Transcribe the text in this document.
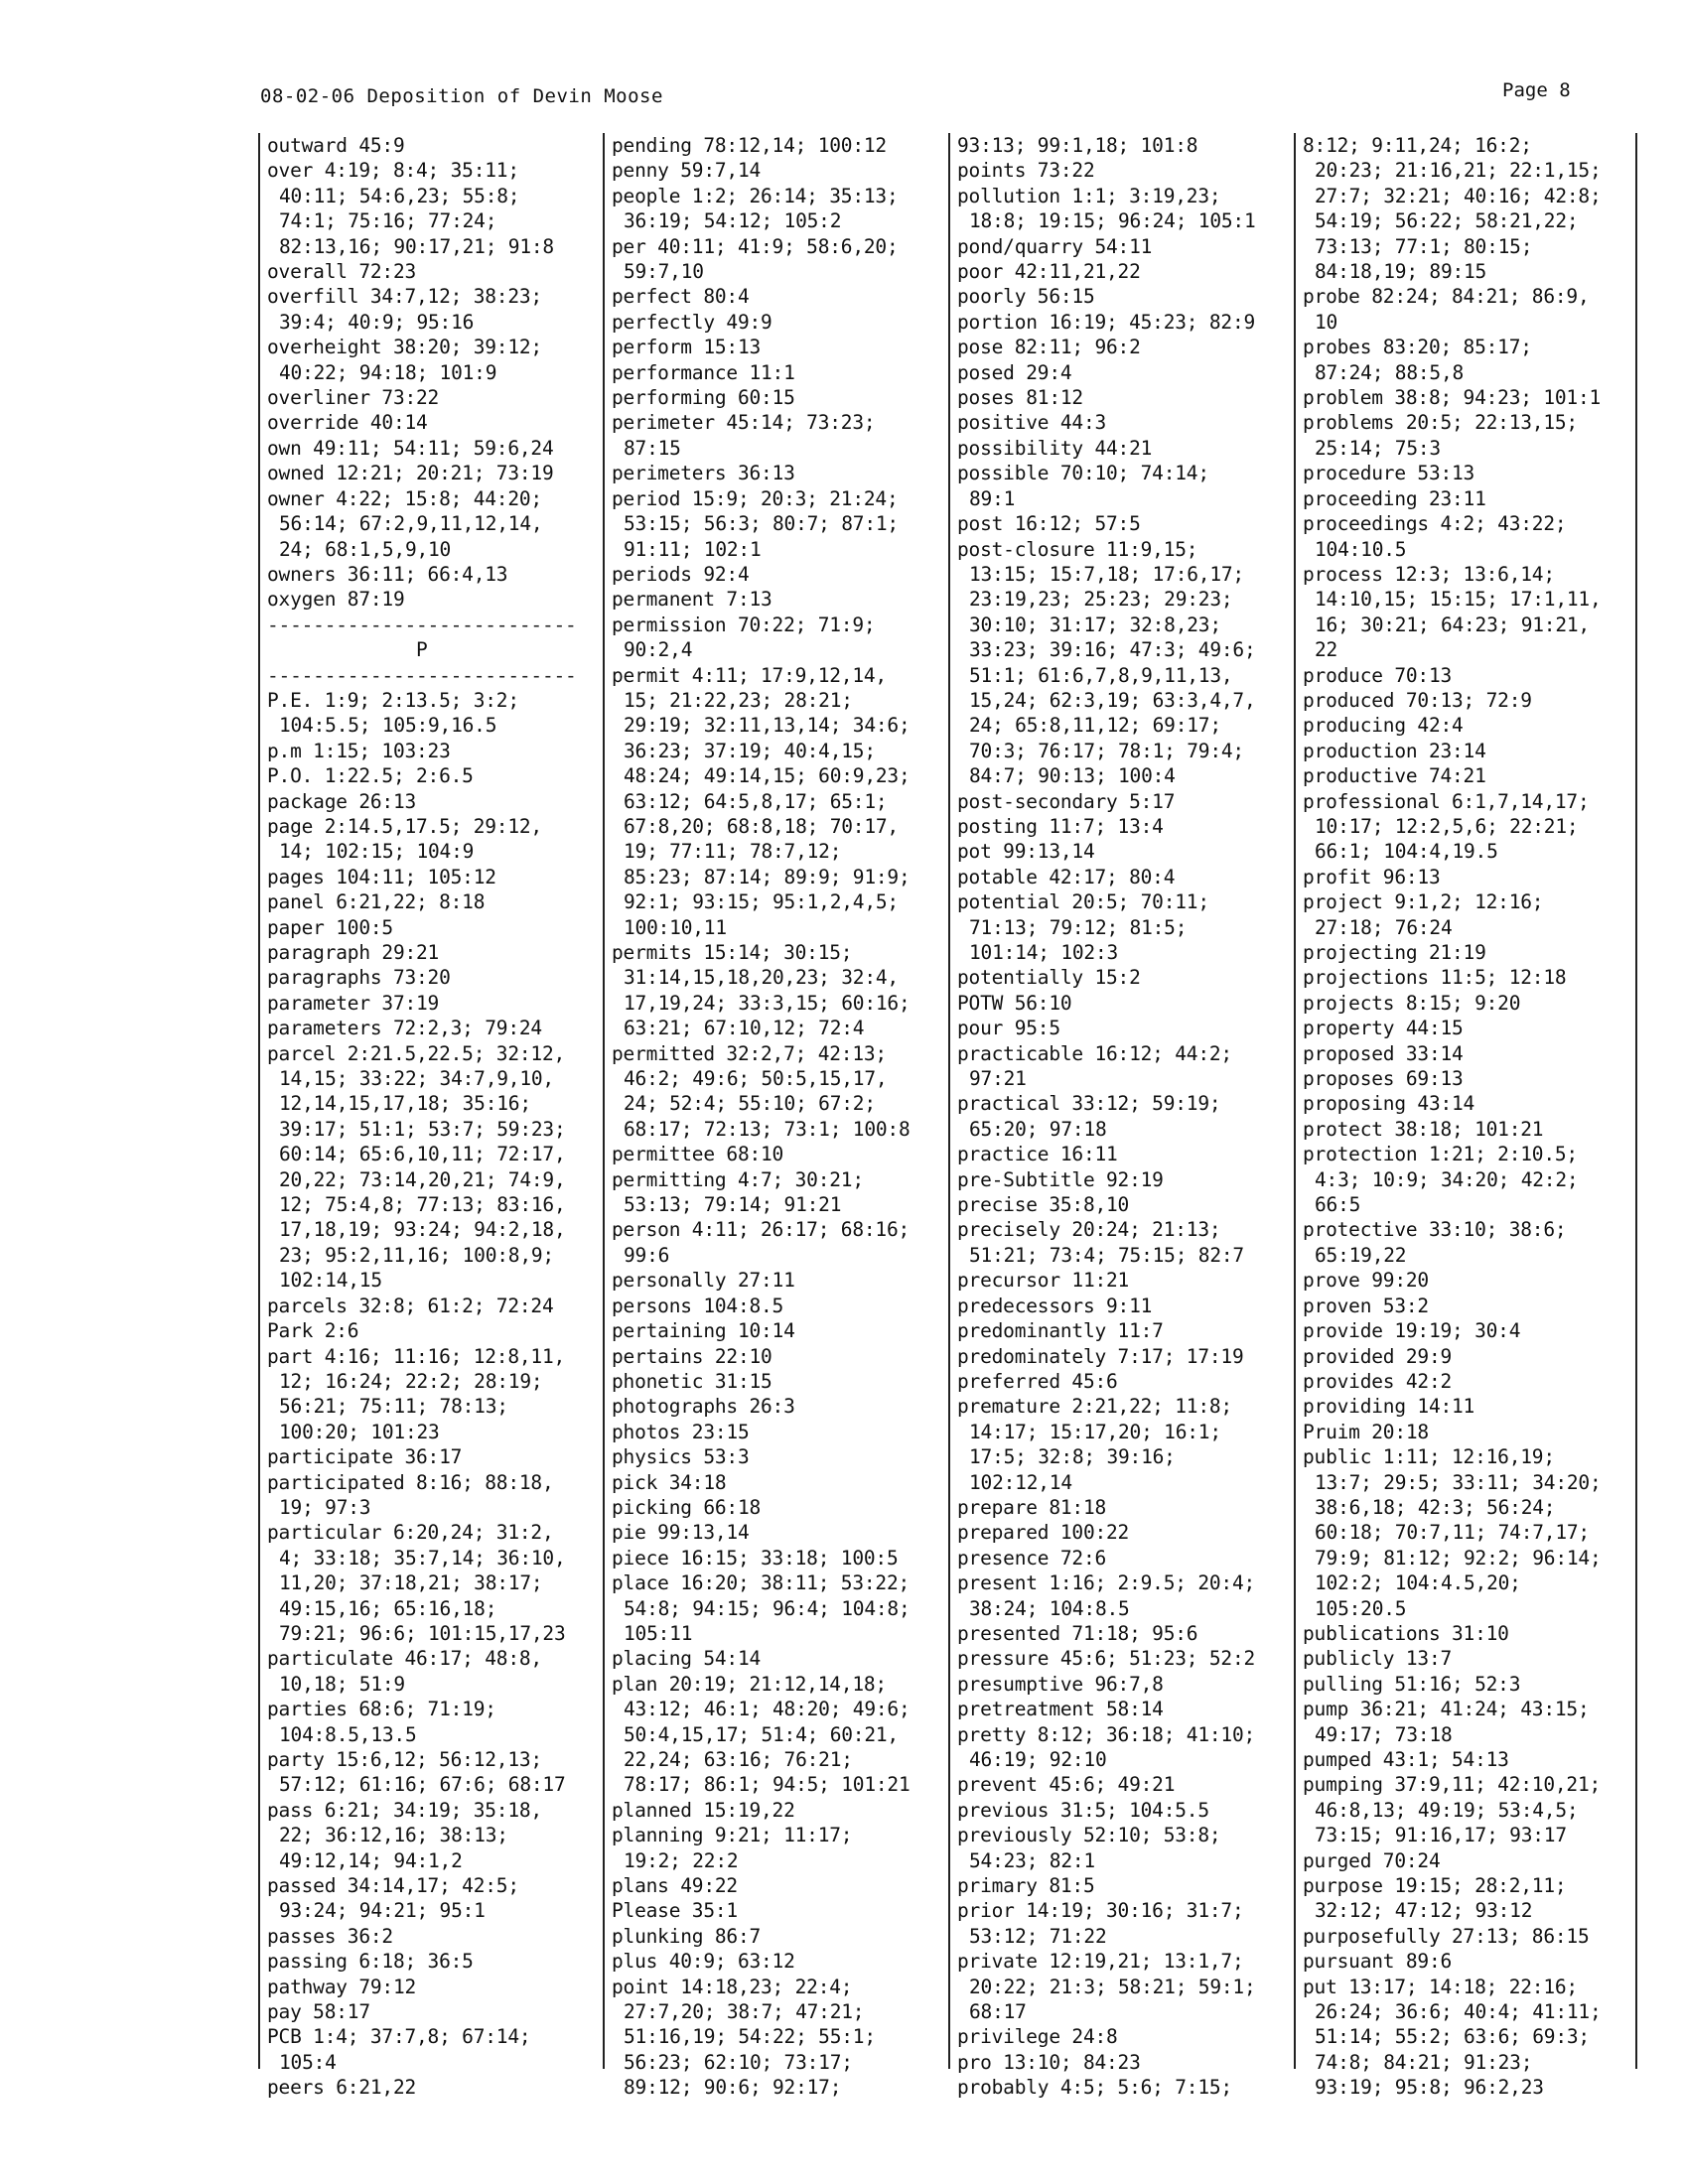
08-02-06 Deposition of Devin Moose	Page 8
outward 45:9
over 4:19; 8:4; 35:11;
40:11; 54:6,23; 55:8;
74:1; 75:16; 77:24;
82:13,16; 90:17,21; 91:8
overall 72:23
overfill 34:7,12; 38:23;
39:4; 40:9; 95:16
overheight 38:20; 39:12;
40:22; 94:18; 101:9
overliner 73:22
override 40:14
own 49:11; 54:11; 59:6,24
owned 12:21; 20:21; 73:19
owner 4:22; 15:8; 44:20;
56:14; 67:2,9,11,12,14,
24; 68:1,5,9,10
owners 36:11; 66:4,13
oxygen 87:19
---------------------------
P
---------------------------
P.E. 1:9; 2:13.5; 3:2;
104:5.5; 105:9,16.5
p.m 1:15; 103:23
P.O. 1:22.5; 2:6.5
package 26:13
page 2:14.5,17.5; 29:12,
14; 102:15; 104:9
pages 104:11; 105:12
panel 6:21,22; 8:18
paper 100:5
paragraph 29:21
paragraphs 73:20
parameter 37:19
parameters 72:2,3; 79:24
parcel 2:21.5,22.5; 32:12,
14,15; 33:22; 34:7,9,10,
12,14,15,17,18; 35:16;
39:17; 51:1; 53:7; 59:23;
60:14; 65:6,10,11; 72:17,
20,22; 73:14,20,21; 74:9,
12; 75:4,8; 77:13; 83:16,
17,18,19; 93:24; 94:2,18,
23; 95:2,11,16; 100:8,9;
102:14,15
parcels 32:8; 61:2; 72:24
Park 2:6
part 4:16; 11:16; 12:8,11,
12; 16:24; 22:2; 28:19;
56:21; 75:11; 78:13;
100:20; 101:23
participate 36:17
participated 8:16; 88:18,
19; 97:3
particular 6:20,24; 31:2,
4; 33:18; 35:7,14; 36:10,
11,20; 37:18,21; 38:17;
49:15,16; 65:16,18;
79:21; 96:6; 101:15,17,23
particulate 46:17; 48:8,
10,18; 51:9
parties 68:6; 71:19;
104:8.5,13.5
party 15:6,12; 56:12,13;
57:12; 61:16; 67:6; 68:17
pass 6:21; 34:19; 35:18,
22; 36:12,16; 38:13;
49:12,14; 94:1,2
passed 34:14,17; 42:5;
93:24; 94:21; 95:1
passes 36:2
passing 6:18; 36:5
pathway 79:12
pay 58:17
PCB 1:4; 37:7,8; 67:14;
105:4
peers 6:21,22
pending 78:12,14; 100:12
penny 59:7,14
people 1:2; 26:14; 35:13;
36:19; 54:12; 105:2
per 40:11; 41:9; 58:6,20;
59:7,10
perfect 80:4
perfectly 49:9
perform 15:13
performance 11:1
performing 60:15
perimeter 45:14; 73:23;
87:15
perimeters 36:13
period 15:9; 20:3; 21:24;
53:15; 56:3; 80:7; 87:1;
91:11; 102:1
periods 92:4
permanent 7:13
permission 70:22; 71:9;
90:2,4
permit 4:11; 17:9,12,14,
15; 21:22,23; 28:21;
29:19; 32:11,13,14; 34:6;
36:23; 37:19; 40:4,15;
48:24; 49:14,15; 60:9,23;
63:12; 64:5,8,17; 65:1;
67:8,20; 68:8,18; 70:17,
19; 77:11; 78:7,12;
85:23; 87:14; 89:9; 91:9;
92:1; 93:15; 95:1,2,4,5;
100:10,11
permits 15:14; 30:15;
31:14,15,18,20,23; 32:4,
17,19,24; 33:3,15; 60:16;
63:21; 67:10,12; 72:4
permitted 32:2,7; 42:13;
46:2; 49:6; 50:5,15,17,
24; 52:4; 55:10; 67:2;
68:17; 72:13; 73:1; 100:8
permittee 68:10
permitting 4:7; 30:21;
53:13; 79:14; 91:21
person 4:11; 26:17; 68:16;
99:6
personally 27:11
persons 104:8.5
pertaining 10:14
pertains 22:10
phonetic 31:15
photographs 26:3
photos 23:15
physics 53:3
pick 34:18
picking 66:18
pie 99:13,14
piece 16:15; 33:18; 100:5
place 16:20; 38:11; 53:22;
54:8; 94:15; 96:4; 104:8;
105:11
placing 54:14
plan 20:19; 21:12,14,18;
43:12; 46:1; 48:20; 49:6;
50:4,15,17; 51:4; 60:21,
22,24; 63:16; 76:21;
78:17; 86:1; 94:5; 101:21
planned 15:19,22
planning 9:21; 11:17;
19:2; 22:2
plans 49:22
Please 35:1
plunking 86:7
plus 40:9; 63:12
point 14:18,23; 22:4;
27:7,20; 38:7; 47:21;
51:16,19; 54:22; 55:1;
56:23; 62:10; 73:17;
89:12; 90:6; 92:17;
93:13; 99:1,18; 101:8
points 73:22
pollution 1:1; 3:19,23;
18:8; 19:15; 96:24; 105:1
pond/quarry 54:11
poor 42:11,21,22
poorly 56:15
portion 16:19; 45:23; 82:9
pose 82:11; 96:2
posed 29:4
poses 81:12
positive 44:3
possibility 44:21
possible 70:10; 74:14;
89:1
post 16:12; 57:5
post-closure 11:9,15;
13:15; 15:7,18; 17:6,17;
23:19,23; 25:23; 29:23;
30:10; 31:17; 32:8,23;
33:23; 39:16; 47:3; 49:6;
51:1; 61:6,7,8,9,11,13,
15,24; 62:3,19; 63:3,4,7,
24; 65:8,11,12; 69:17;
70:3; 76:17; 78:1; 79:4;
84:7; 90:13; 100:4
post-secondary 5:17
posting 11:7; 13:4
pot 99:13,14
potable 42:17; 80:4
potential 20:5; 70:11;
71:13; 79:12; 81:5;
101:14; 102:3
potentially 15:2
POTW 56:10
pour 95:5
practicable 16:12; 44:2;
97:21
practical 33:12; 59:19;
65:20; 97:18
practice 16:11
pre-Subtitle 92:19
precise 35:8,10
precisely 20:24; 21:13;
51:21; 73:4; 75:15; 82:7
precursor 11:21
predecessors 9:11
predominantly 11:7
predominately 7:17; 17:19
preferred 45:6
premature 2:21,22; 11:8;
14:17; 15:17,20; 16:1;
17:5; 32:8; 39:16;
102:12,14
prepare 81:18
prepared 100:22
presence 72:6
present 1:16; 2:9.5; 20:4;
38:24; 104:8.5
presented 71:18; 95:6
pressure 45:6; 51:23; 52:2
presumptive 96:7,8
pretreatment 58:14
pretty 8:12; 36:18; 41:10;
46:19; 92:10
prevent 45:6; 49:21
previous 31:5; 104:5.5
previously 52:10; 53:8;
54:23; 82:1
primary 81:5
prior 14:19; 30:16; 31:7;
53:12; 71:22
private 12:19,21; 13:1,7;
20:22; 21:3; 58:21; 59:1;
68:17
privilege 24:8
pro 13:10; 84:23
probably 4:5; 5:6; 7:15;
8:12; 9:11,24; 16:2;
20:23; 21:16,21; 22:1,15;
27:7; 32:21; 40:16; 42:8;
54:19; 56:22; 58:21,22;
73:13; 77:1; 80:15;
84:18,19; 89:15
probe 82:24; 84:21; 86:9,
10
probes 83:20; 85:17;
87:24; 88:5,8
problem 38:8; 94:23; 101:1
problems 20:5; 22:13,15;
25:14; 75:3
procedure 53:13
proceeding 23:11
proceedings 4:2; 43:22;
104:10.5
process 12:3; 13:6,14;
14:10,15; 15:15; 17:1,11,
16; 30:21; 64:23; 91:21,
22
produce 70:13
produced 70:13; 72:9
producing 42:4
production 23:14
productive 74:21
professional 6:1,7,14,17;
10:17; 12:2,5,6; 22:21;
66:1; 104:4,19.5
profit 96:13
project 9:1,2; 12:16;
27:18; 76:24
projecting 21:19
projections 11:5; 12:18
projects 8:15; 9:20
property 44:15
proposed 33:14
proposes 69:13
proposing 43:14
protect 38:18; 101:21
protection 1:21; 2:10.5;
4:3; 10:9; 34:20; 42:2;
66:5
protective 33:10; 38:6;
65:19,22
prove 99:20
proven 53:2
provide 19:19; 30:4
provided 29:9
provides 42:2
providing 14:11
Pruim 20:18
public 1:11; 12:16,19;
13:7; 29:5; 33:11; 34:20;
38:6,18; 42:3; 56:24;
60:18; 70:7,11; 74:7,17;
79:9; 81:12; 92:2; 96:14;
102:2; 104:4.5,20;
105:20.5
publications 31:10
publicly 13:7
pulling 51:16; 52:3
pump 36:21; 41:24; 43:15;
49:17; 73:18
pumped 43:1; 54:13
pumping 37:9,11; 42:10,21;
46:8,13; 49:19; 53:4,5;
73:15; 91:16,17; 93:17
purged 70:24
purpose 19:15; 28:2,11;
32:12; 47:12; 93:12
purposefully 27:13; 86:15
pursuant 89:6
put 13:17; 14:18; 22:16;
26:24; 36:6; 40:4; 41:11;
51:14; 55:2; 63:6; 69:3;
74:8; 84:21; 91:23;
93:19; 95:8; 96:2,23
